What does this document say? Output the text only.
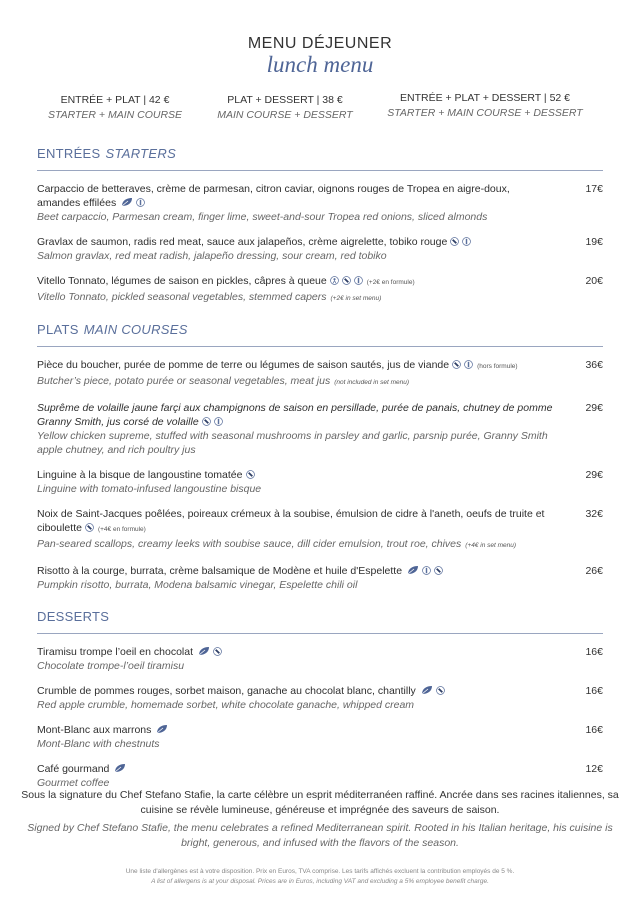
MENU DÉJEUNER
lunch menu
ENTRÉE + PLAT | 42 €
STARTER + MAIN COURSE
PLAT + DESSERT | 38 €
MAIN COURSE + DESSERT
ENTRÉE + PLAT + DESSERT | 52 €
STARTER + MAIN COURSE + DESSERT
ENTRÉES STARTERS
Carpaccio de betteraves, crème de parmesan, citron caviar, oignons rouges de Tropea en aigre-doux, amandes effilées
Beet carpaccio, Parmesan cream, finger lime, sweet-and-sour Tropea red onions, sliced almonds
17€
Gravlax de saumon, radis red meat, sauce aux jalapeños, crème aigrelette, tobiko rouge
Salmon gravlax, red meat radish, jalapeño dressing, sour cream, red tobiko
19€
Vitello Tonnato, légumes de saison en pickles, câpres à queue	(+2€ en formule)
Vitello Tonnato, pickled seasonal vegetables, stemmed capers (+2€ in set menu)
20€
PLATS MAIN COURSES
Pièce du boucher, purée de pomme de terre ou légumes de saison sautés, jus de viande	(hors formule)
Butcher’s piece, potato purée or seasonal vegetables, meat jus (not included in set menu)
36€
Suprême de volaille jaune farçi aux champignons de saison en persillade, purée de panais, chutney de pomme Granny Smith, jus corsé de volaille
Yellow chicken supreme, stuffed with seasonal mushrooms in parsley and garlic, parsnip purée, Granny Smith apple chutney, and rich poultry jus
29€
Linguine à la bisque de langoustine tomatée
Linguine with tomato-infused langoustine bisque
29€
Noix de Saint-Jacques poêlées, poireaux crémeux à la soubise, émulsion de cidre à l'aneth, oeufs de truite et ciboulette (+4€ en formule)
Pan-seared scallops, creamy leeks with soubise sauce, dill cider emulsion, trout roe, chives (+4€ in set menu)
32€
Risotto à la courge, burrata, crème balsamique de Modène et huile d'Espelette
Pumpkin risotto, burrata, Modena balsamic vinegar, Espelette chili oil
26€
DESSERTS
Tiramisu trompe l’oeil en chocolat
Chocolate trompe-l’oeil tiramisu
16€
Crumble de pommes rouges, sorbet maison, ganache au chocolat blanc, chantilly
Red apple crumble, homemade sorbet, white chocolate ganache, whipped cream
16€
Mont-Blanc aux marrons
Mont-Blanc with chestnuts
16€
Café gourmand
Gourmet coffee
12€
Sous la signature du Chef Stefano Stafie, la carte célèbre un esprit méditerranéen raffiné. Ancrée dans ses racines italiennes, sa cuisine se révèle lumineuse, généreuse et imprégnée des saveurs de saison.
Signed by Chef Stefano Stafie, the menu celebrates a refined Mediterranean spirit. Rooted in his Italian heritage, his cuisine is bright, generous, and infused with the flavors of the season.
Une liste d'allergènes est à votre disposition. Prix en Euros, TVA comprise. Les tarifs affichés excluent la contribution employés de 5 %.
A list of allergens is at your disposal. Prices are in Euros, including VAT and excluding a 5% employee benefit charge.
